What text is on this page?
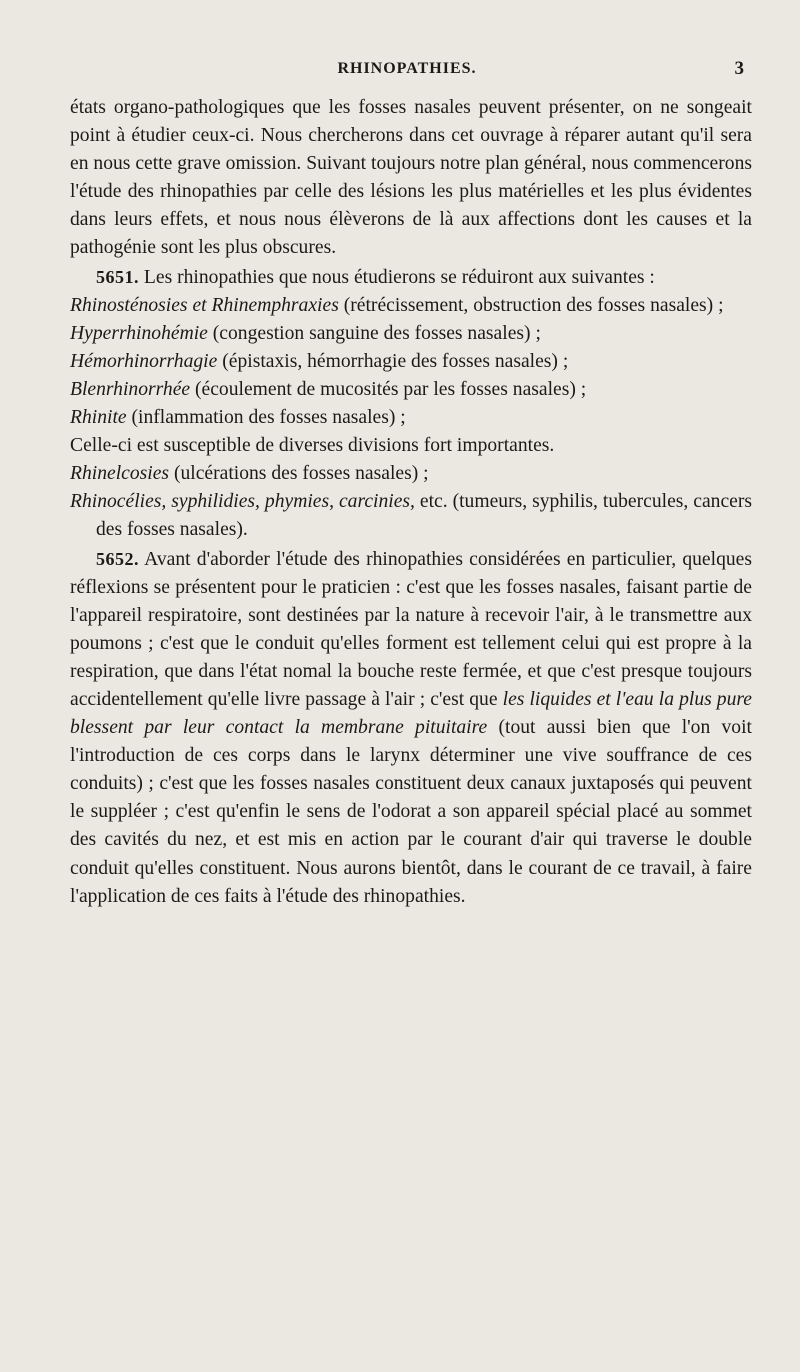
RHINOPATHIES.	3

états organo-pathologiques que les fosses nasales peuvent présenter, on ne songeait point à étudier ceux-ci. Nous chercherons dans cet ouvrage à réparer autant qu'il sera en nous cette grave omission. Suivant toujours notre plan général, nous commencerons l'étude des rhinopathies par celle des lésions les plus matérielles et les plus évidentes dans leurs effets, et nous nous élèverons de là aux affections dont les causes et la pathogénie sont les plus obscures.

5651. Les rhinopathies que nous étudierons se réduiront aux suivantes :

Rhinosténosies et Rhinemphraxies (rétrécissement, obstruction des fosses nasales) ;

Hyperrhinohémie (congestion sanguine des fosses nasales) ;

Hémorhinorrhagie (épistaxis, hémorrhagie des fosses nasales) ;

Blenrhinorrhée (écoulement de mucosités par les fosses nasales) ;

Rhinite (inflammation des fosses nasales) ;

Celle-ci est susceptible de diverses divisions fort importantes.

Rhinelcosies (ulcérations des fosses nasales) ;

Rhinocélies, syphilidies, phymies, carcinies, etc. (tumeurs, syphilis, tubercules, cancers des fosses nasales).

5652. Avant d'aborder l'étude des rhinopathies considérées en particulier, quelques réflexions se présentent pour le praticien : c'est que les fosses nasales, faisant partie de l'appareil respiratoire, sont destinées par la nature à recevoir l'air, à le transmettre aux poumons ; c'est que le conduit qu'elles forment est tellement celui qui est propre à la respiration, que dans l'état nomal la bouche reste fermée, et que c'est presque toujours accidentellement qu'elle livre passage à l'air ; c'est que les liquides et l'eau la plus pure blessent par leur contact la membrane pituitaire (tout aussi bien que l'on voit l'introduction de ces corps dans le larynx déterminer une vive souffrance de ces conduits) ; c'est que les fosses nasales constituent deux canaux juxtaposés qui peuvent le suppléer ; c'est qu'enfin le sens de l'odorat a son appareil spécial placé au sommet des cavités du nez, et est mis en action par le courant d'air qui traverse le double conduit qu'elles constituent. Nous aurons bientôt, dans le courant de ce travail, à faire l'application de ces faits à l'étude des rhinopathies.
